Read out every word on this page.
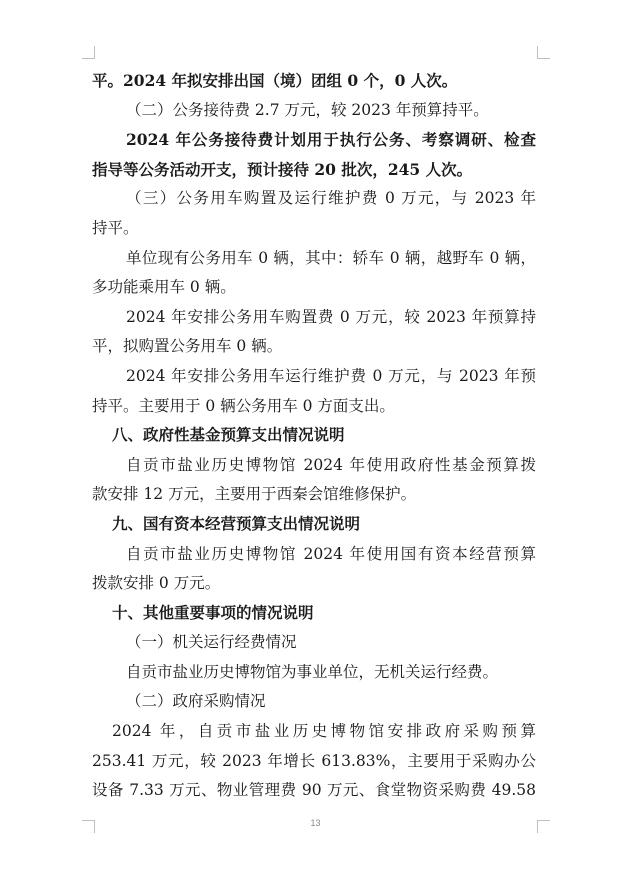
平。2024 年拟安排出国（境）团组 0 个，0 人次。
（二）公务接待费 2.7 万元，较 2023 年预算持平。
2024 年公务接待费计划用于执行公务、考察调研、检查
指导等公务活动开支，预计接待 20 批次，245 人次。
（三）公务用车购置及运行维护费 0 万元，与 2023 年
持平。
单位现有公务用车 0 辆，其中：轿车 0 辆，越野车 0 辆，
多功能乘用车 0 辆。
2024 年安排公务用车购置费 0 万元，较 2023 年预算持
平，拟购置公务用车 0 辆。
2024 年安排公务用车运行维护费 0 万元，与 2023 年预
持平。主要用于 0 辆公务用车 0 方面支出。
八、政府性基金预算支出情况说明
自贡市盐业历史博物馆 2024 年使用政府性基金预算拨
款安排 12 万元，主要用于西秦会馆维修保护。
九、国有资本经营预算支出情况说明
自贡市盐业历史博物馆 2024 年使用国有资本经营预算
拨款安排 0 万元。
十、其他重要事项的情况说明
（一）机关运行经费情况
自贡市盐业历史博物馆为事业单位，无机关运行经费。
（二）政府采购情况
2024 年，自贡市盐业历史博物馆安排政府采购预算
253.41 万元，较 2023 年增长 613.83%，主要用于采购办公
设备 7.33 万元、物业管理费 90 万元、食堂物资采购费 49.58
13
